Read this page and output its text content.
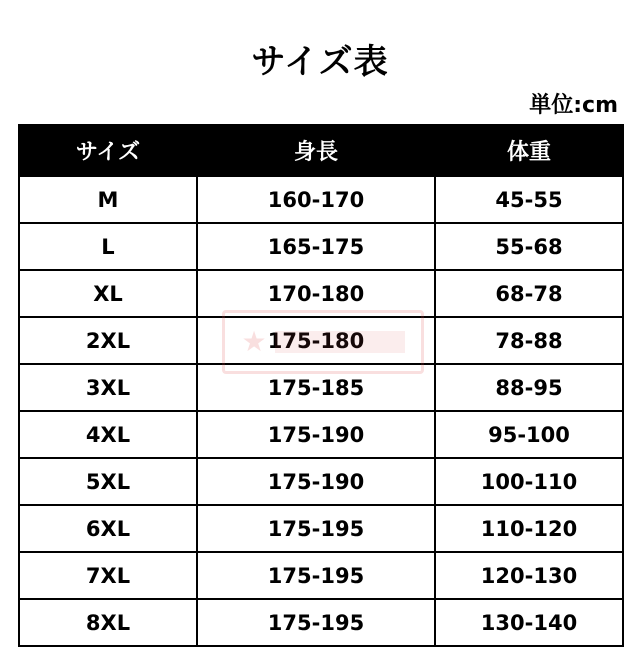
サイズ表
単位:cm
サイズ	身長	体重
M	160-170	45-55
L	165-175	55-68
XL	170-180	68-78
2XL	175-180	78-88
3XL	175-185	88-95
4XL	175-190	95-100
5XL	175-190	100-110
6XL	175-195	110-120
7XL	175-195	120-130
8XL	175-195	130-140
★
